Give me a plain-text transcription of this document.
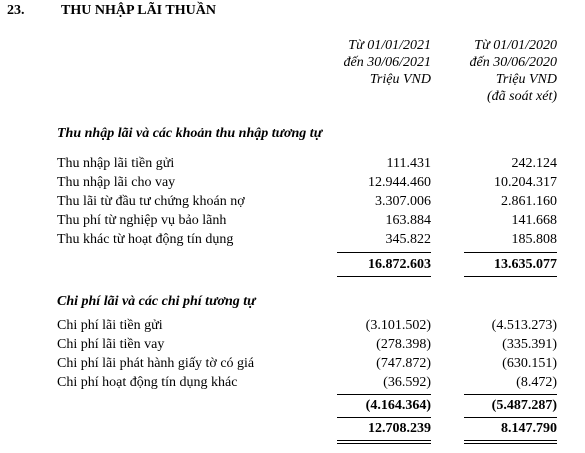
23.	THU NHẬP LÃI THUẦN
Từ 01/01/2021
đến 30/06/2021
Triệu VND
Từ 01/01/2020
đến 30/06/2020
Triệu VND
(đã soát xét)
Thu nhập lãi và các khoản thu nhập tương tự
Thu nhập lãi tiền gửi	111.431	242.124
Thu nhập lãi cho vay	12.944.460	10.204.317
Thu lãi từ đầu tư chứng khoán nợ	3.307.006	2.861.160
Thu phí từ nghiệp vụ bảo lãnh	163.884	141.668
Thu khác từ hoạt động tín dụng	345.822	185.808
16.872.603	13.635.077
Chi phí lãi và các chi phí tương tự
Chi phí lãi tiền gửi	(3.101.502)	(4.513.273)
Chi phí lãi tiền vay	(278.398)	(335.391)
Chi phí lãi phát hành giấy tờ có giá	(747.872)	(630.151)
Chi phí hoạt động tín dụng khác	(36.592)	(8.472)
(4.164.364)	(5.487.287)
12.708.239	8.147.790
